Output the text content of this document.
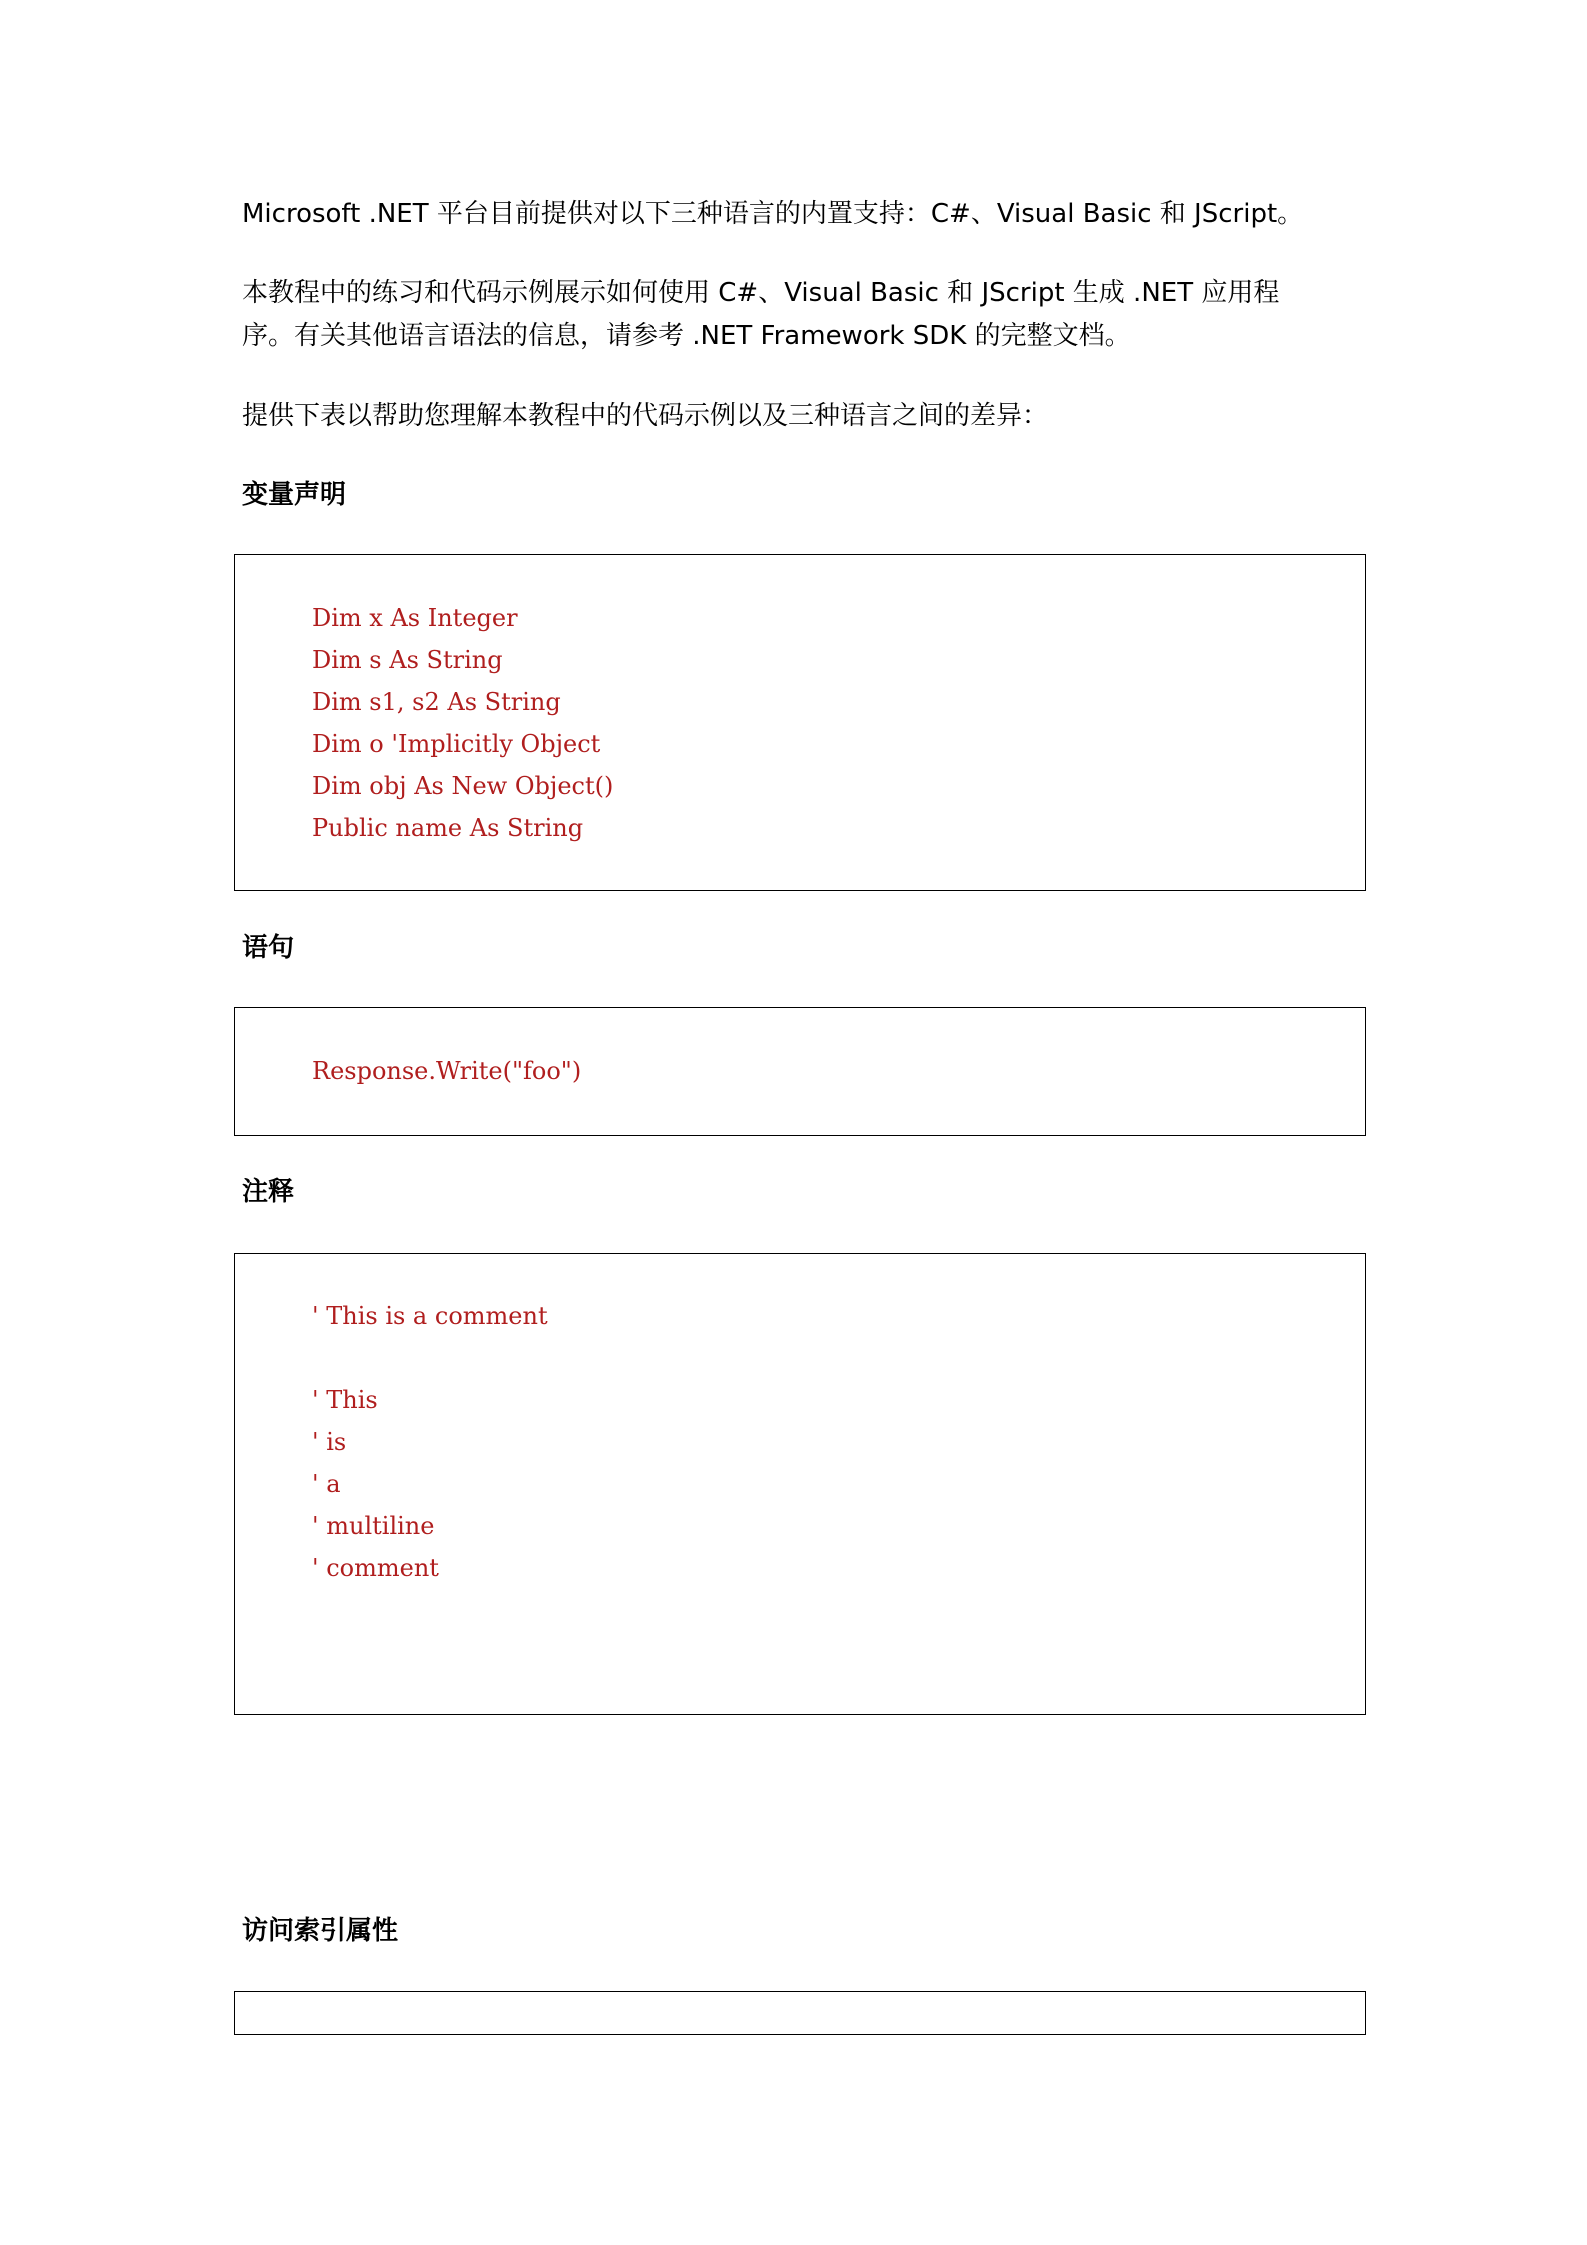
Microsoft .NET 平台目前提供对以下三种语言的内置支持：C#、Visual Basic 和 JScript。
本教程中的练习和代码示例展示如何使用 C#、Visual Basic 和 JScript 生成 .NET 应用程
序。有关其他语言语法的信息，请参考 .NET Framework SDK 的完整文档。
提供下表以帮助您理解本教程中的代码示例以及三种语言之间的差异：
变量声明
Dim x As Integer
Dim s As String
Dim s1, s2 As String
Dim o 'Implicitly Object
Dim obj As New Object()
Public name As String
语句
Response.Write("foo")
注释
' This is a comment
' This
' is
' a
' multiline
' comment
访问索引属性
